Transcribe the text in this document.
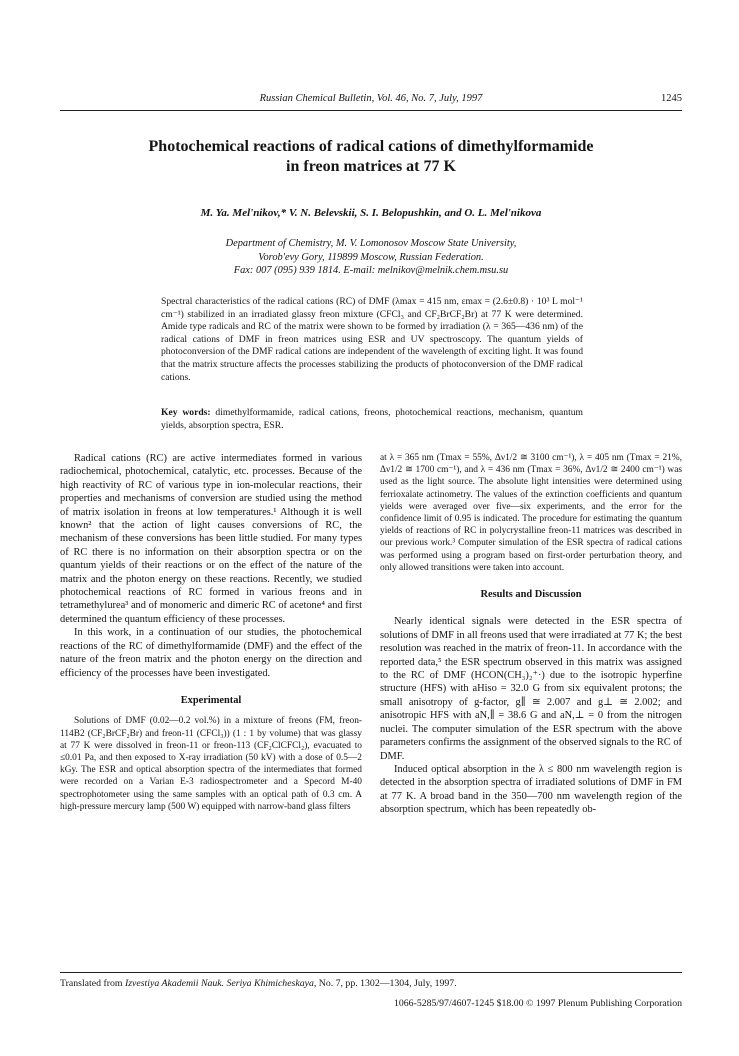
Russian Chemical Bulletin, Vol. 46, No. 7, July, 1997	1245
Photochemical reactions of radical cations of dimethylformamide
in freon matrices at 77 K
M. Ya. Mel'nikov,* V. N. Belevskii, S. I. Belopushkin, and O. L. Mel'nikova
Department of Chemistry, M. V. Lomonosov Moscow State University,
Vorob'evy Gory, 119899 Moscow, Russian Federation.
Fax: 007 (095) 939 1814. E-mail: melnikov@melnik.chem.msu.su

Spectral characteristics of the radical cations (RC) of DMF (λmax = 415 nm, εmax = (2.6±0.8) · 10³ L mol⁻¹ cm⁻¹) stabilized in an irradiated glassy freon mixture (CFCl₃ and CF₂BrCF₂Br) at 77 K were determined. Amide type radicals and RC of the matrix were shown to be formed by irradiation (λ = 365—436 nm) of the radical cations of DMF in freon matrices using ESR and UV spectroscopy. The quantum yields of photoconversion of the DMF radical cations are independent of the wavelength of exciting light. It was found that the matrix structure affects the processes stabilizing the products of photoconversion of the DMF radical cations.

Key words: dimethylformamide, radical cations, freons, photochemical reactions, mechanism, quantum yields, absorption spectra, ESR.

Radical cations (RC) are active intermediates formed in various radiochemical, photochemical, catalytic, etc. processes. Because of the high reactivity of RC of various type in ion-molecular reactions, their properties and mechanisms of conversion are studied using the method of matrix isolation in freons at low temperatures.¹ Although it is well known² that the action of light causes conversions of RC, the mechanism of these conversions has been little studied. For many types of RC there is no information on their absorption spectra or on the quantum yields of their reactions or on the effect of the nature of the matrix and the photon energy on these reactions. Recently, we studied photochemical reactions of RC formed in various freons and in tetramethylurea³ and of monomeric and dimeric RC of acetone⁴ and first determined the quantum efficiency of these processes.

In this work, in a continuation of our studies, the photochemical reactions of the RC of dimethylformamide (DMF) and the effect of the nature of the freon matrix and the photon energy on the direction and efficiency of the processes have been investigated.

Experimental

Solutions of DMF (0.02—0.2 vol.%) in a mixture of freons (FM, freon-114B2 (CF₂BrCF₂Br) and freon-11 (CFCl₃)) (1 : 1 by volume) that was glassy at 77 K were dissolved in freon-11 or freon-113 (CF₂ClCFCl₂), evacuated to ≤0.01 Pa, and then exposed to X-ray irradiation (50 kV) with a dose of 0.5—2 kGy. The ESR and optical absorption spectra of the intermediates that formed were recorded on a Varian E-3 radiospectrometer and a Specord M-40 spectrophotometer using the same samples with an optical path of 0.3 cm. A high-pressure mercury lamp (500 W) equipped with narrow-band glass filters

at λ = 365 nm (Tmax = 55%, Δν1/2 ≅ 3100 cm⁻¹), λ = 405 nm (Tmax = 21%, Δν1/2 ≅ 1700 cm⁻¹), and λ = 436 nm (Tmax = 36%, Δν1/2 ≅ 2400 cm⁻¹) was used as the light source. The absolute light intensities were determined using ferrioxalate actinometry. The values of the extinction coefficients and quantum yields were averaged over five—six experiments, and the error for the confidence limit of 0.95 is indicated. The procedure for estimating the quantum yields of reactions of RC in polycrystalline freon-11 matrices was described in our previous work.³ Computer simulation of the ESR spectra of radical cations was performed using a program based on first-order perturbation theory, and only allowed transitions were taken into account.

Results and Discussion

Nearly identical signals were detected in the ESR spectra of solutions of DMF in all freons used that were irradiated at 77 K; the best resolution was reached in the matrix of freon-11. In accordance with the reported data,⁵ the ESR spectrum observed in this matrix was assigned to the RC of DMF (HCON(CH₃)₂⁺·) due to the isotropic hyperfine structure (HFS) with aHiso = 32.0 G from six equivalent protons; the small anisotropy of g-factor, g∥ ≅ 2.007 and g⊥ ≅ 2.002; and anisotropic HFS with aN,∥ = 38.6 G and aN,⊥ = 0 from the nitrogen nuclei. The computer simulation of the ESR spectrum with the above parameters confirms the assignment of the observed signals to the RC of DMF.

Induced optical absorption in the λ ≤ 800 nm wavelength region is detected in the absorption spectra of irradiated solutions of DMF in FM at 77 K. A broad band in the 350—700 nm wavelength region of the absorption spectrum, which has been repeatedly ob-

Translated from Izvestiya Akademii Nauk. Seriya Khimicheskaya, No. 7, pp. 1302—1304, July, 1997.
1066-5285/97/4607-1245 $18.00 © 1997 Plenum Publishing Corporation
